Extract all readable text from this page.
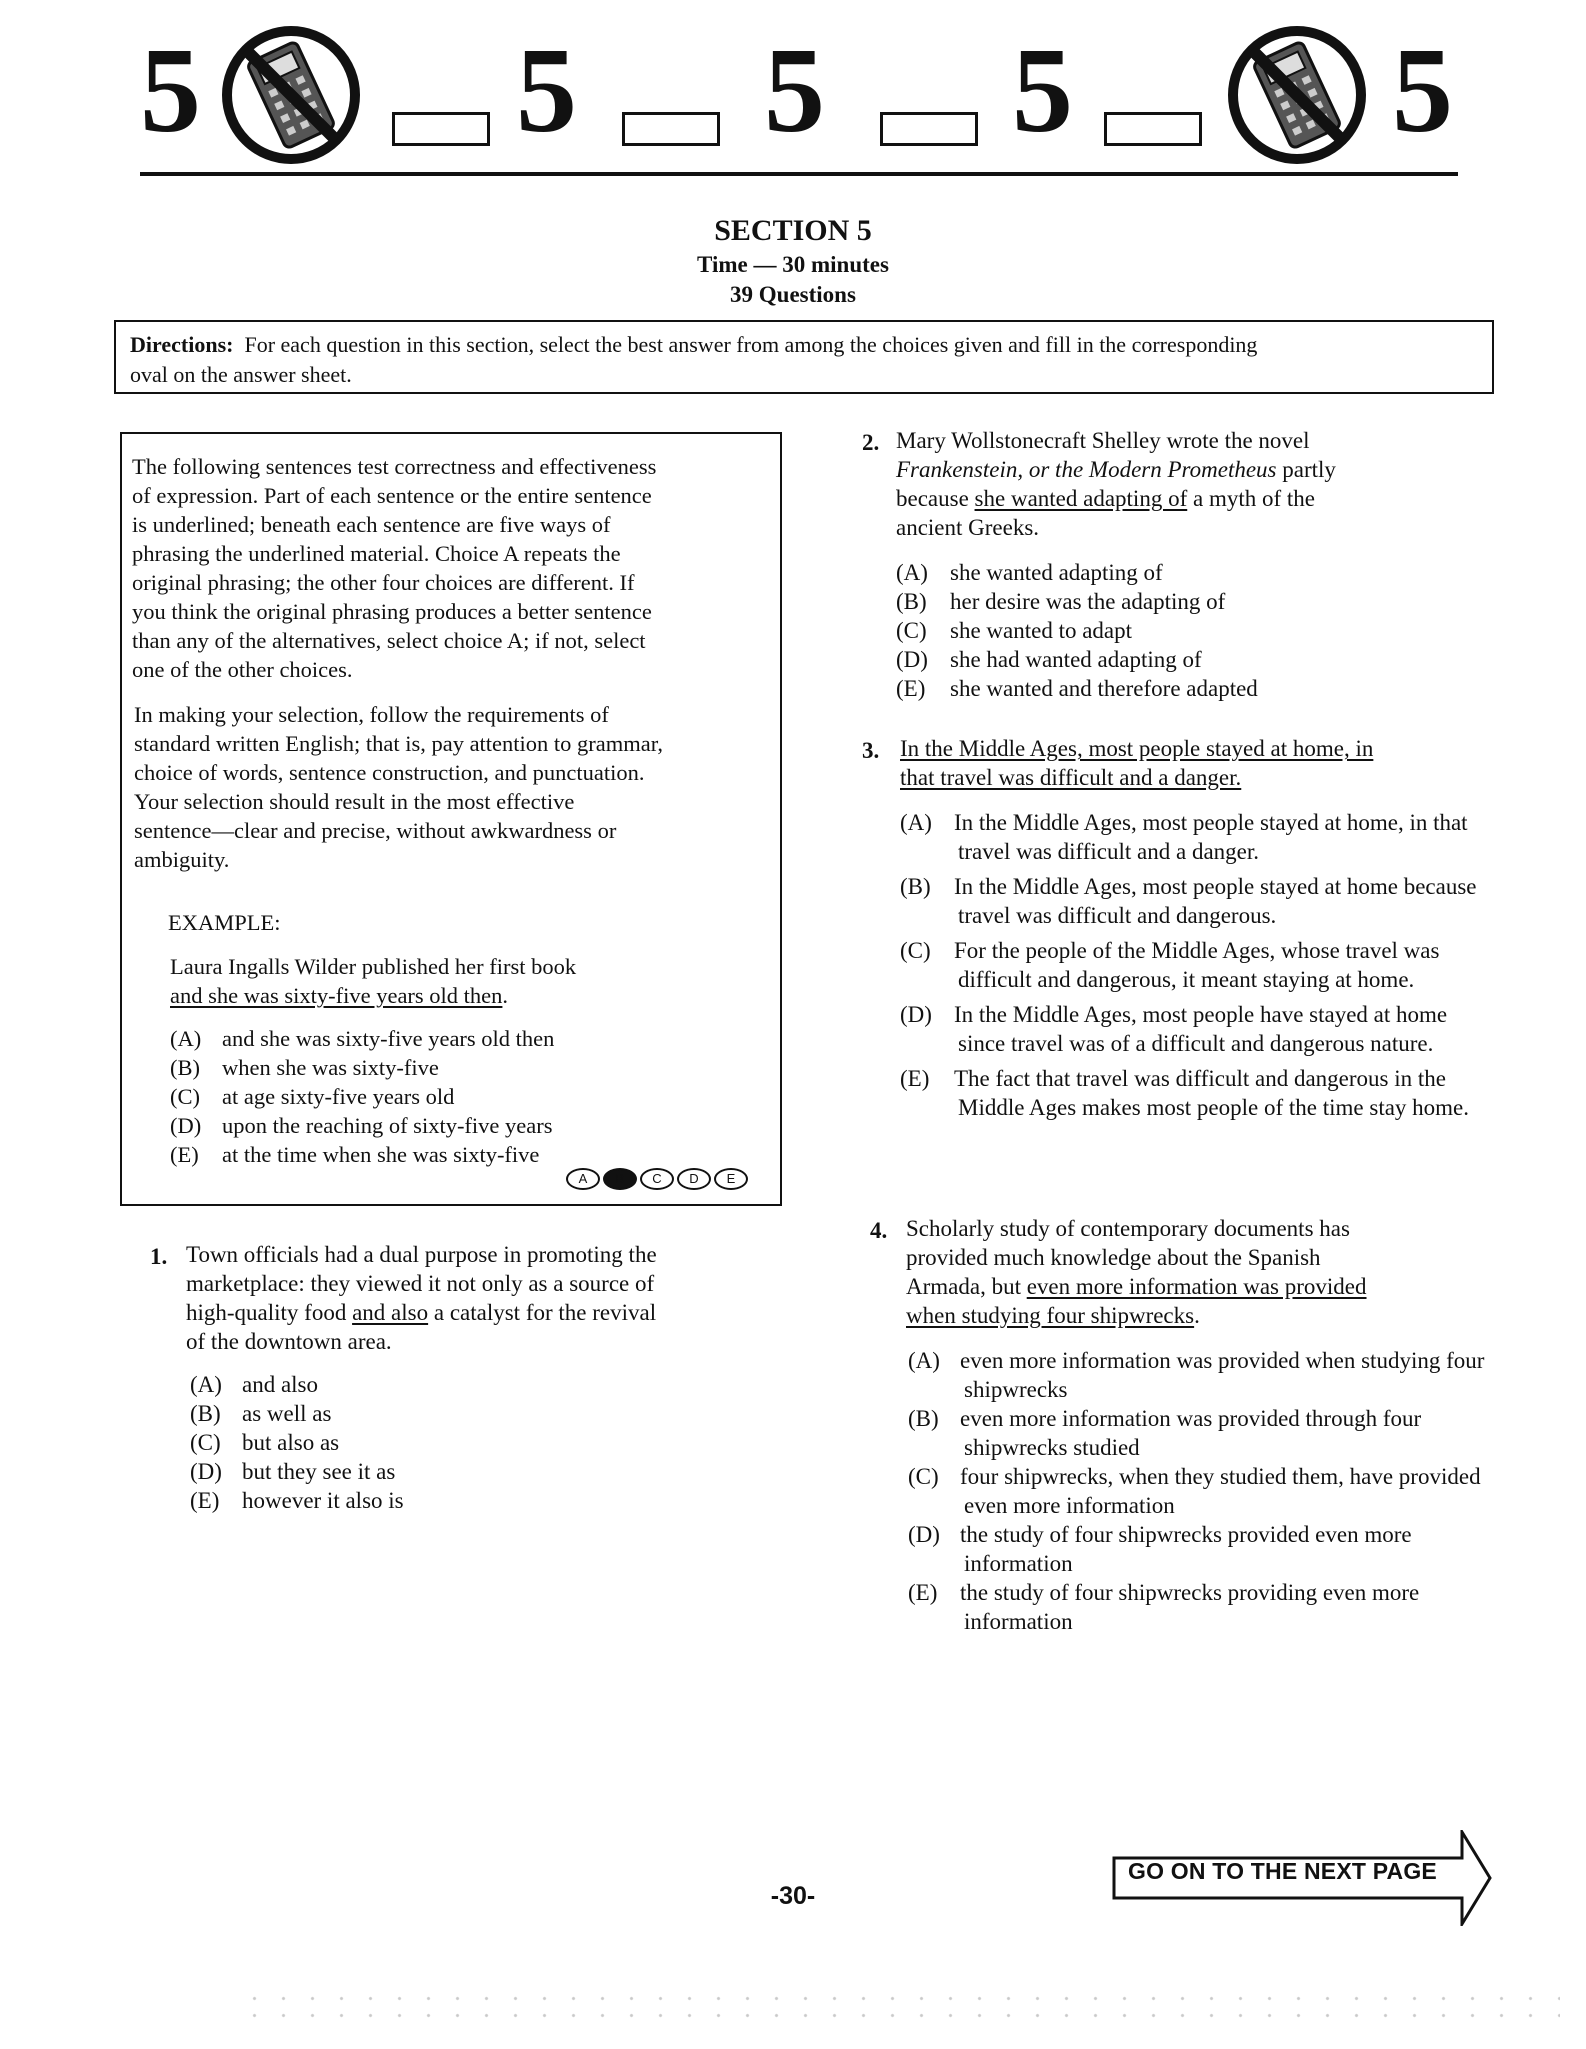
5	5 5 5	5
SECTION 5
Time — 30 minutes
39 Questions
Directions: For each question in this section, select the best answer from among the choices given and fill in the corresponding
oval on the answer sheet.
The following sentences test correctness and effectiveness
of expression. Part of each sentence or the entire sentence
is underlined; beneath each sentence are five ways of
phrasing the underlined material. Choice A repeats the
original phrasing; the other four choices are different. If
you think the original phrasing produces a better sentence
than any of the alternatives, select choice A; if not, select
one of the other choices.
In making your selection, follow the requirements of
standard written English; that is, pay attention to grammar,
choice of words, sentence construction, and punctuation.
Your selection should result in the most effective
sentence—clear and precise, without awkwardness or
ambiguity.
EXAMPLE:
Laura Ingalls Wilder published her first book
and she was sixty-five years old then.
(A) and she was sixty-five years old then
(B) when she was sixty-five
(C) at age sixty-five years old
(D) upon the reaching of sixty-five years
(E) at the time when she was sixty-five
A	B	C	D	E
1. Town officials had a dual purpose in promoting the
marketplace: they viewed it not only as a source of
high-quality food and also a catalyst for the revival
of the downtown area.
(A) and also
(B) as well as
(C) but also as
(D) but they see it as
(E) however it also is
2. Mary Wollstonecraft Shelley wrote the novel
Frankenstein, or the Modern Prometheus partly
because she wanted adapting of a myth of the
ancient Greeks.
(A) she wanted adapting of
(B) her desire was the adapting of
(C) she wanted to adapt
(D) she had wanted adapting of
(E) she wanted and therefore adapted
3. In the Middle Ages, most people stayed at home, in
that travel was difficult and a danger.
(A) In the Middle Ages, most people stayed at home, in that travel was difficult and a danger.
(B) In the Middle Ages, most people stayed at home because travel was difficult and dangerous.
(C) For the people of the Middle Ages, whose travel was difficult and dangerous, it meant staying at home.
(D) In the Middle Ages, most people have stayed at home since travel was of a difficult and dangerous nature.
(E) The fact that travel was difficult and dangerous in the Middle Ages makes most people of the time stay home.
4. Scholarly study of contemporary documents has
provided much knowledge about the Spanish
Armada, but even more information was provided
when studying four shipwrecks.
(A) even more information was provided when studying four shipwrecks
(B) even more information was provided through four shipwrecks studied
(C) four shipwrecks, when they studied them, have provided even more information
(D) the study of four shipwrecks provided even more information
(E) the study of four shipwrecks providing even more information
-30-
GO ON TO THE NEXT PAGE
